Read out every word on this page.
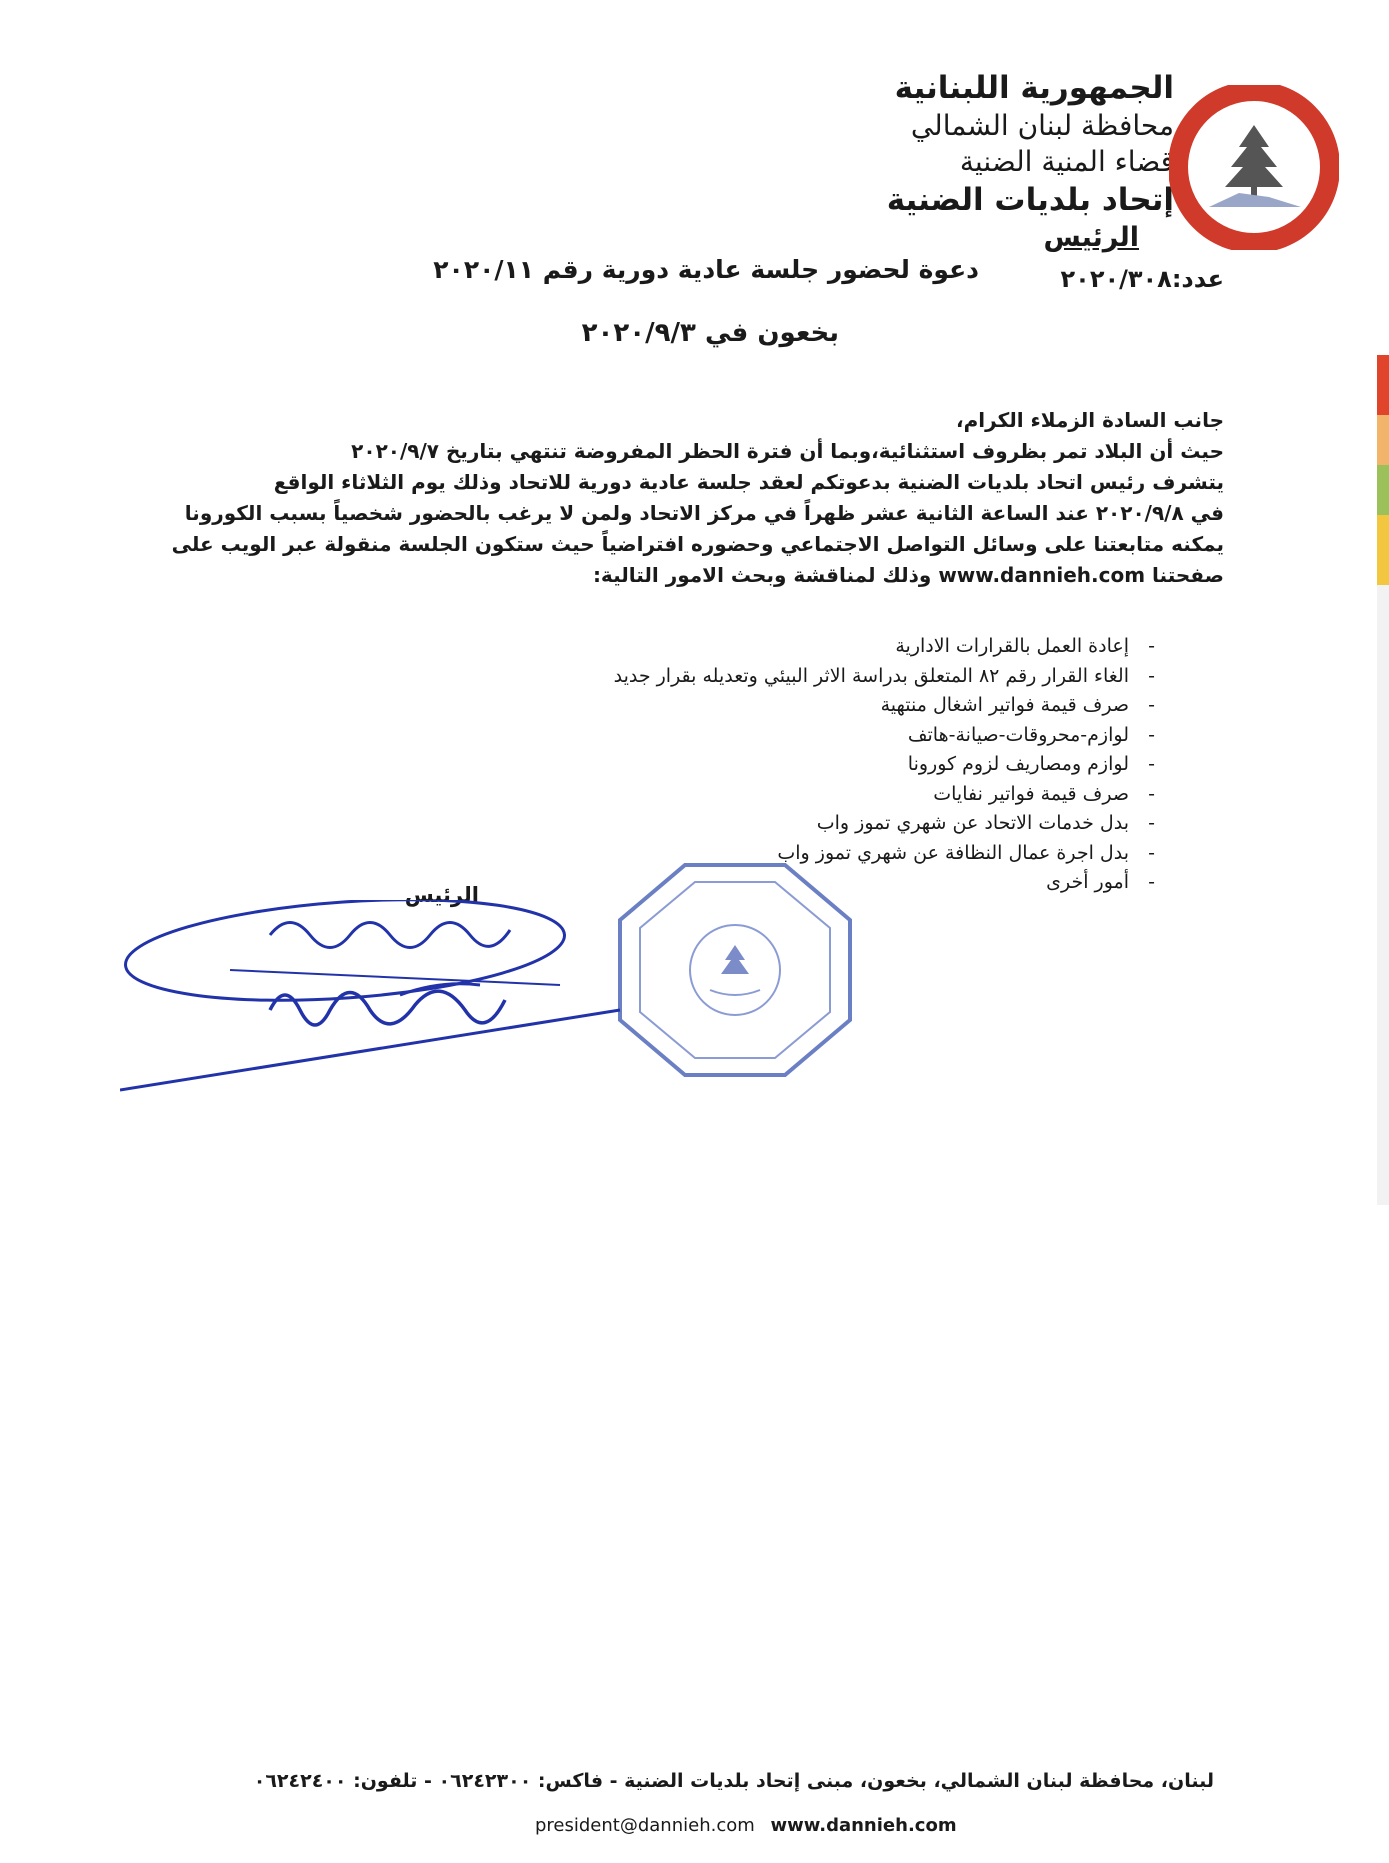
الجمهورية اللبنانية
محافظة لبنان الشمالي
قضاء المنية الضنية
إتحاد بلديات الضنية
الرئيس
عدد:٢٠٢٠/٣٠٨
دعوة لحضور جلسة عادية دورية رقم ٢٠٢٠/١١
بخعون في ٢٠٢٠/٩/٣

جانب السادة الزملاء الكرام،

حيث أن البلاد تمر بظروف استثنائية،وبما أن فترة الحظر المفروضة تنتهي بتاريخ ٢٠٢٠/٩/٧

يتشرف رئيس اتحاد بلديات الضنية بدعوتكم لعقد جلسة عادية دورية للاتحاد وذلك يوم الثلاثاء الواقع

في ٢٠٢٠/٩/٨ عند الساعة الثانية عشر ظهراً في مركز الاتحاد ولمن لا يرغب بالحضور شخصياً بسبب الكورونا

يمكنه متابعتنا على وسائل التواصل الاجتماعي وحضوره افتراضياً حيث ستكون الجلسة منقولة عبر الويب على

صفحتنا www.dannieh.com وذلك لمناقشة وبحث الامور التالية:

-إعادة العمل بالقرارات الادارية
-الغاء القرار رقم ٨٢ المتعلق بدراسة الاثر البيئي وتعديله بقرار جديد
-صرف قيمة فواتير اشغال منتهية
-لوازم-محروقات-صيانة-هاتف
-لوازم ومصاريف لزوم كورونا
-صرف قيمة فواتير نفايات
-بدل خدمات الاتحاد عن شهري تموز واب
-بدل اجرة عمال النظافة عن شهري تموز واب
-أمور أخرى
الرئيس
لبنان، محافظة لبنان الشمالي، بخعون، مبنى إتحاد بلديات الضنية - فاكس: ٠٦٢٤٢٣٠٠ - تلفون: ٠٦٢٤٢٤٠٠
president@dannieh.com www.dannieh.com
